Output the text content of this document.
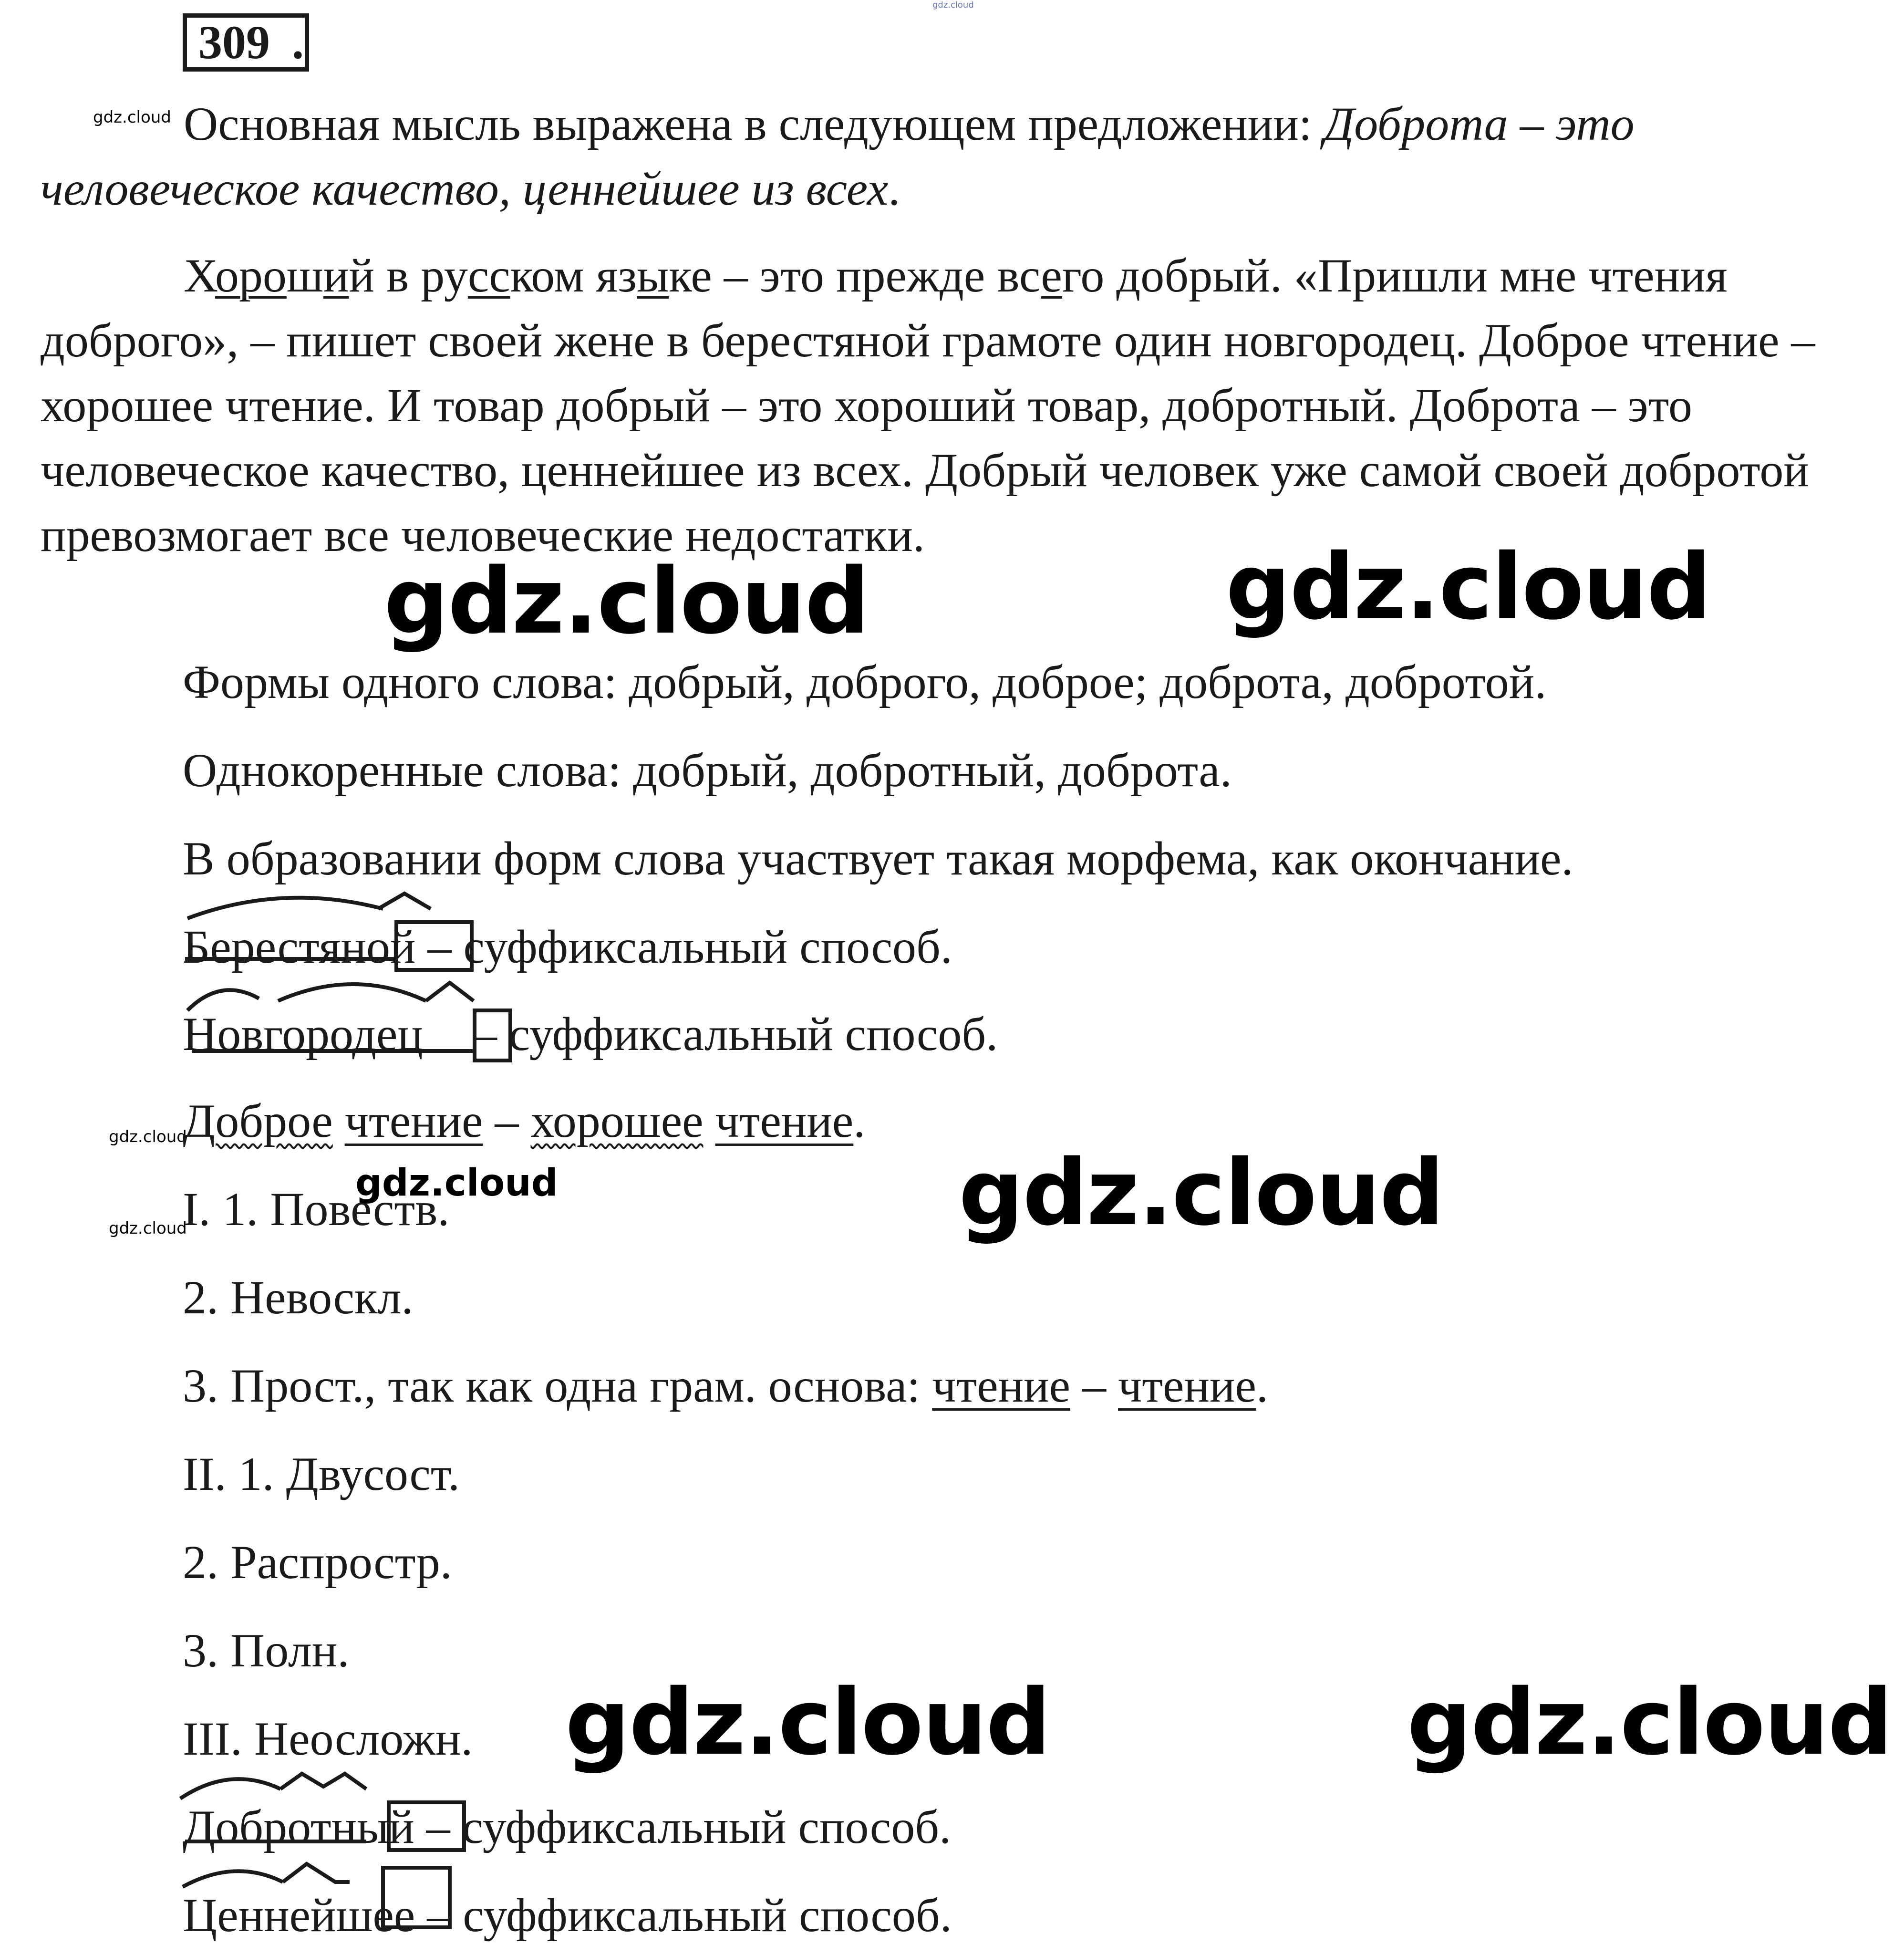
gdz.cloud
309 .
gdz.cloud Основная мысль выражена в следующем предложении: Доброта – это человеческое качество, ценнейшее из всех.

Хороший в русском языке – это прежде всего добрый. «Пришли мне чтения доброго», – пишет своей жене в берестяной грамоте один новгородец. Доброе чтение – хорошее чтение. И товар добрый – это хороший товар, добротный. Доброта – это человеческое качество, ценнейшее из всех. Добрый человек уже самой своей добротой превозмогает все человеческие недостатки.

gdz.cloud	gdz.cloud

Формы одного слова: добрый, доброго, доброе; доброта, добротой.

Однокоренные слова: добрый, добротный, доброта.

В образовании форм слова участвует такая морфема, как окончание.

Берестяной – суффиксальный способ.

Новгородец – суффиксальный способ.

gdz.cloud

Доброе чтение – хорошее чтение.

gdz.cloud	gdz.cloud
gdz.cloud

I. 1. Повеств.

2. Невоскл.

3. Прост., так как одна грам. основа: чтение – чтение.

II. 1. Двусост.

2. Распростр.

3. Полн.

III. Неосложн. gdz.cloud	gdz.cloud

Добротный – суффиксальный способ.

Ценнейшее – суффиксальный способ.
